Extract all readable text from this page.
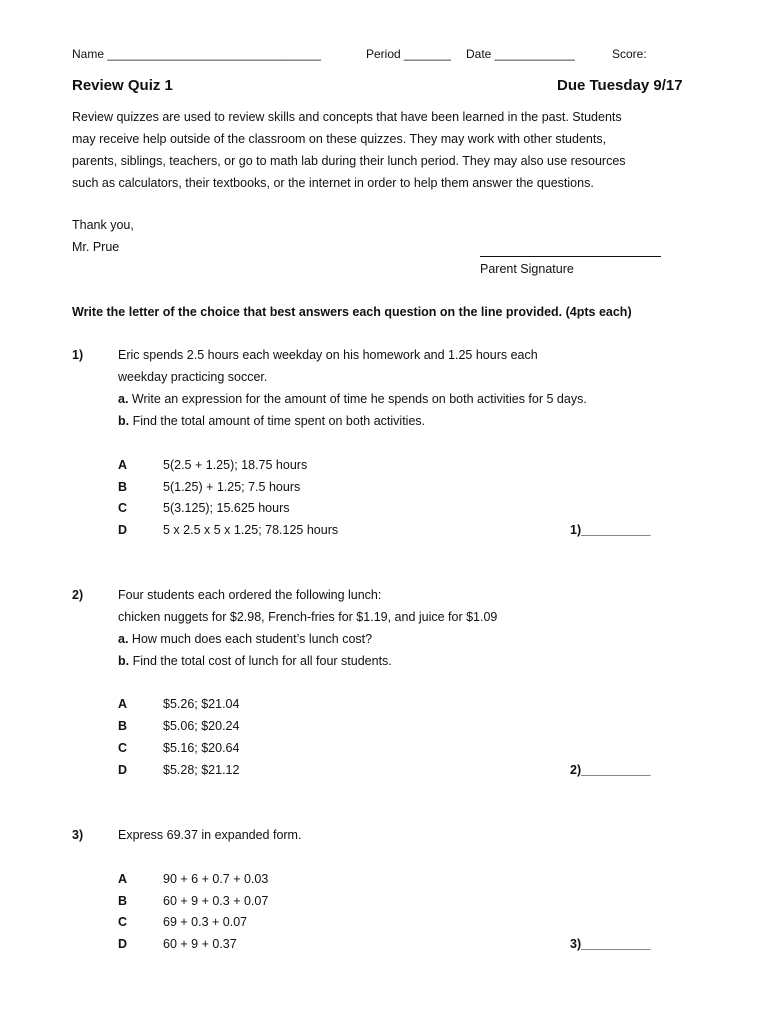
Name ________________________________	Period _______ Date ____________	Score:
Review Quiz 1	Due Tuesday 9/17
Review quizzes are used to review skills and concepts that have been learned in the past. Students
may receive help outside of the classroom on these quizzes. They may work with other students,
parents, siblings, teachers, or go to math lab during their lunch period. They may also use resources
such as calculators, their textbooks, or the internet in order to help them answer the questions.
Thank you,
Mr. Prue
Parent Signature
Write the letter of the choice that best answers each question on the line provided. (4pts each)
1)	Eric spends 2.5 hours each weekday on his homework and 1.25 hours each
weekday practicing soccer.
a. Write an expression for the amount of time he spends on both activities for 5 days.
b. Find the total amount of time spent on both activities.
A	5(2.5 + 1.25); 18.75 hours
B	5(1.25) + 1.25; 7.5 hours
C	5(3.125); 15.625 hours
D	5 x 2.5 x 5 x 1.25; 78.125 hours	1)__________
2)	Four students each ordered the following lunch:
chicken nuggets for $2.98, French-fries for $1.19, and juice for $1.09
a. How much does each student’s lunch cost?
b. Find the total cost of lunch for all four students.
A	$5.26; $21.04
B	$5.06; $20.24
C	$5.16; $20.64
D	$5.28; $21.12	2)__________
3)	Express 69.37 in expanded form.
A	90 + 6 + 0.7 + 0.03
B	60 + 9 + 0.3 + 0.07
C	69 + 0.3 + 0.07
D	60 + 9 + 0.37	3)__________
